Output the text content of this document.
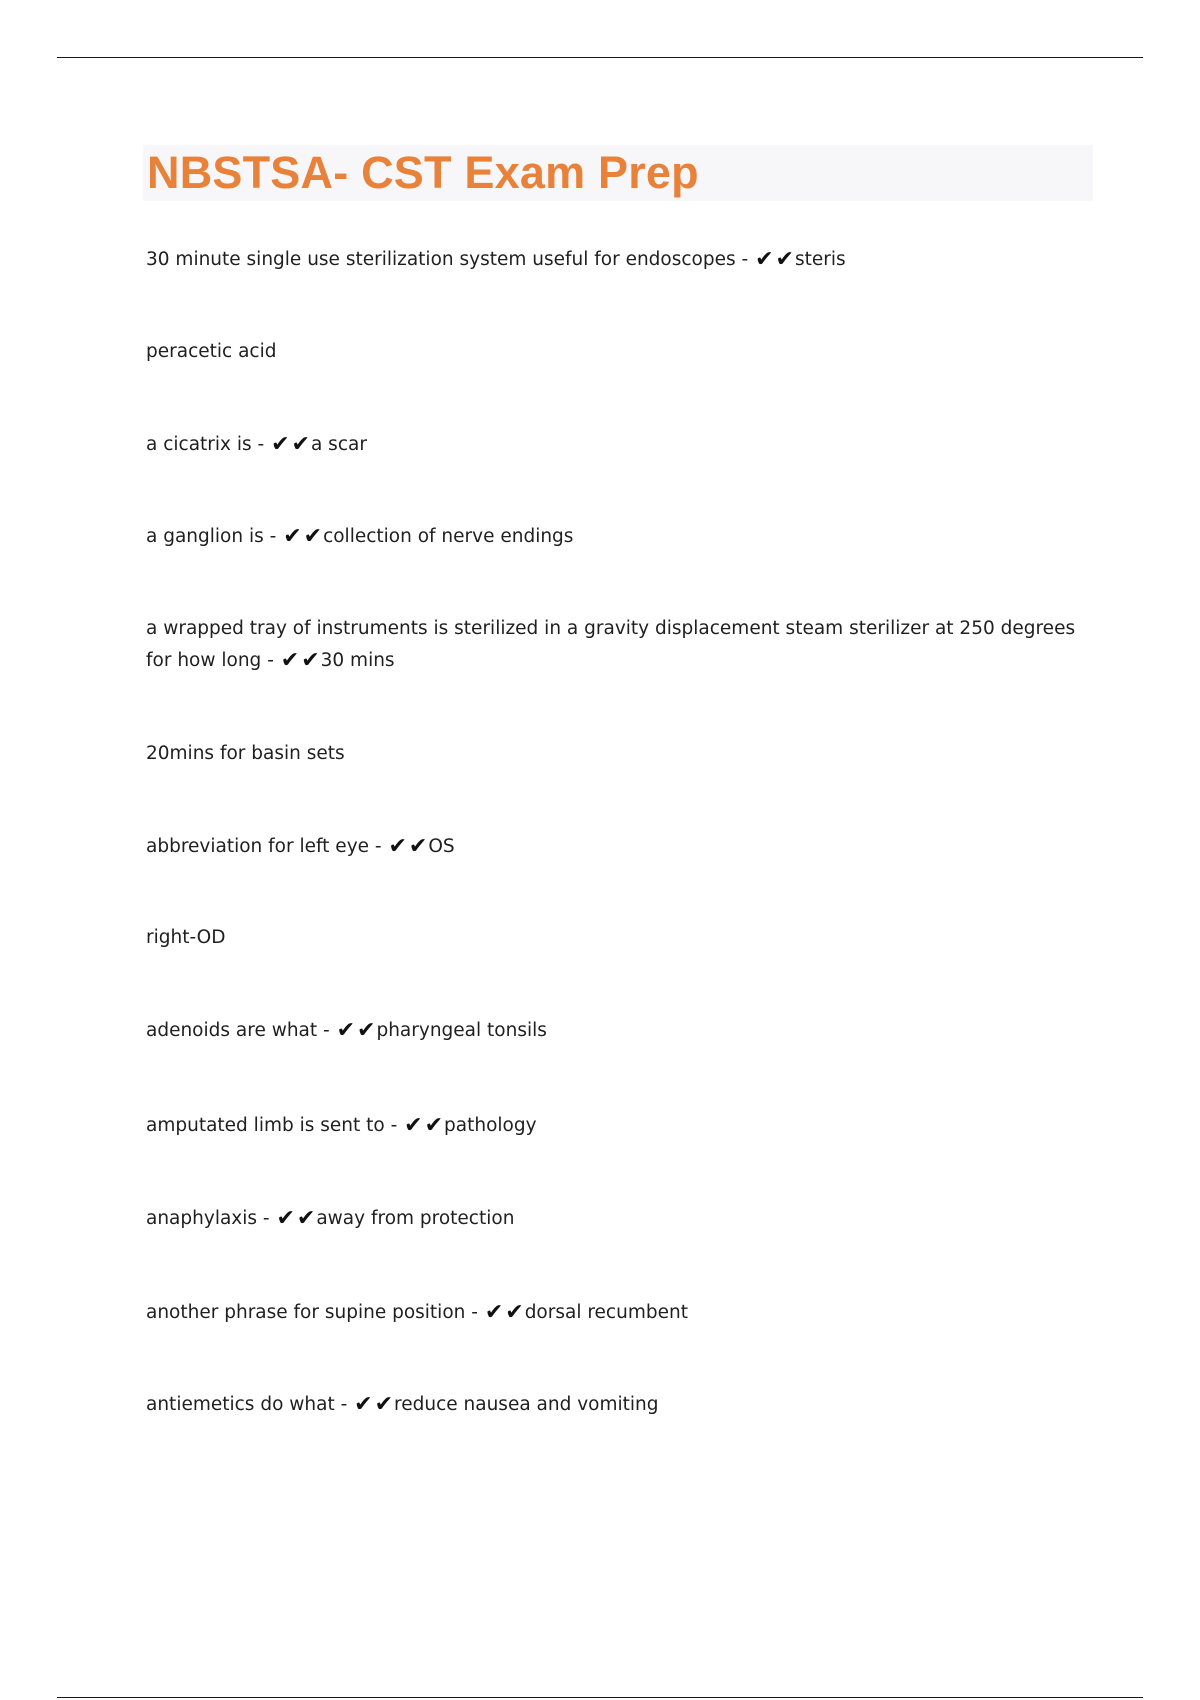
NBSTSA- CST Exam Prep
30 minute single use sterilization system useful for endoscopes - ✔✔steris
peracetic acid
a cicatrix is - ✔✔a scar
a ganglion is - ✔✔collection of nerve endings
a wrapped tray of instruments is sterilized in a gravity displacement steam sterilizer at 250 degrees for how long - ✔✔30 mins
20mins for basin sets
abbreviation for left eye - ✔✔OS
right-OD
adenoids are what - ✔✔pharyngeal tonsils
amputated limb is sent to - ✔✔pathology
anaphylaxis - ✔✔away from protection
another phrase for supine position - ✔✔dorsal recumbent
antiemetics do what - ✔✔reduce nausea and vomiting
